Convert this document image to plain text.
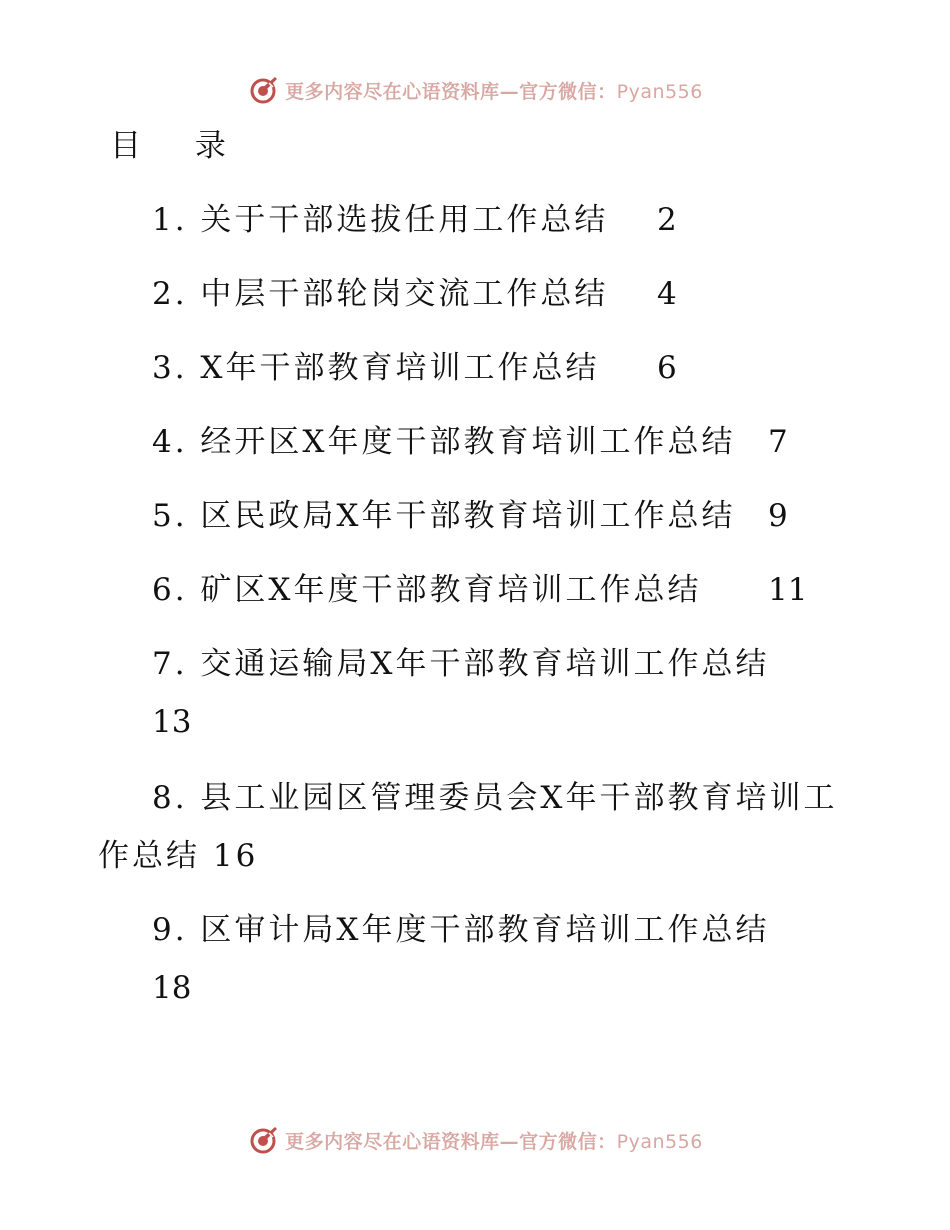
更多内容尽在心语资料库—官方微信：Pyan556
目 录
1. 关于干部选拔任用工作总结 2
2. 中层干部轮岗交流工作总结 4
3. X年干部教育培训工作总结 6
4. 经开区X年度干部教育培训工作总结 7
5. 区民政局X年干部教育培训工作总结 9
6. 矿区X年度干部教育培训工作总结 11
7. 交通运输局X年干部教育培训工作总结
13
8. 县工业园区管理委员会X年干部教育培训工
作总结 16
9. 区审计局X年度干部教育培训工作总结
18
更多内容尽在心语资料库—官方微信：Pyan556
